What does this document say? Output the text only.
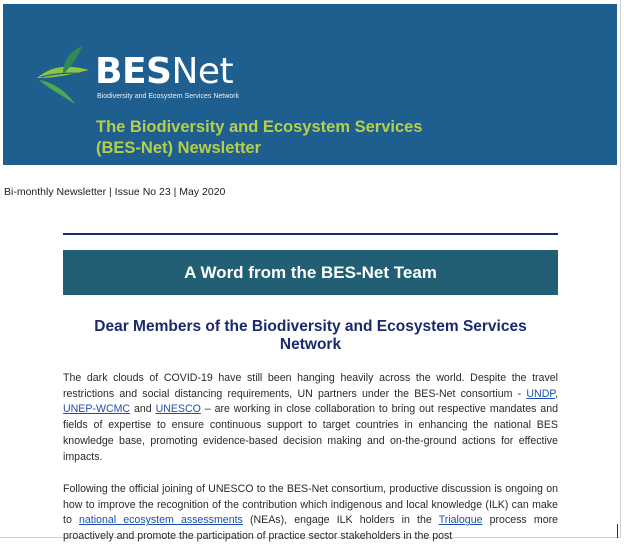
BESNet
Biodiversity and Ecosystem Services Network
The Biodiversity and Ecosystem Services
(BES-Net) Newsletter
Bi-monthly Newsletter | Issue No 23 | May 2020
A Word from the BES-Net Team
Dear Members of the Biodiversity and Ecosystem Services
Network
The dark clouds of COVID-19 have still been hanging heavily across the world. Despite the travel restrictions and social distancing requirements, UN partners under the BES-Net consortium - UNDP, UNEP-WCMC and UNESCO – are working in close collaboration to bring out respective mandates and fields of expertise to ensure continuous support to target countries in enhancing the national BES knowledge base, promoting evidence-based decision making and on-the-ground actions for effective impacts.
Following the official joining of UNESCO to the BES-Net consortium, productive discussion is ongoing on how to improve the recognition of the contribution which indigenous and local knowledge (ILK) can make to national ecosystem assessments (NEAs), engage ILK holders in the Trialogue process more proactively and promote the participation of practice sector stakeholders in the post
